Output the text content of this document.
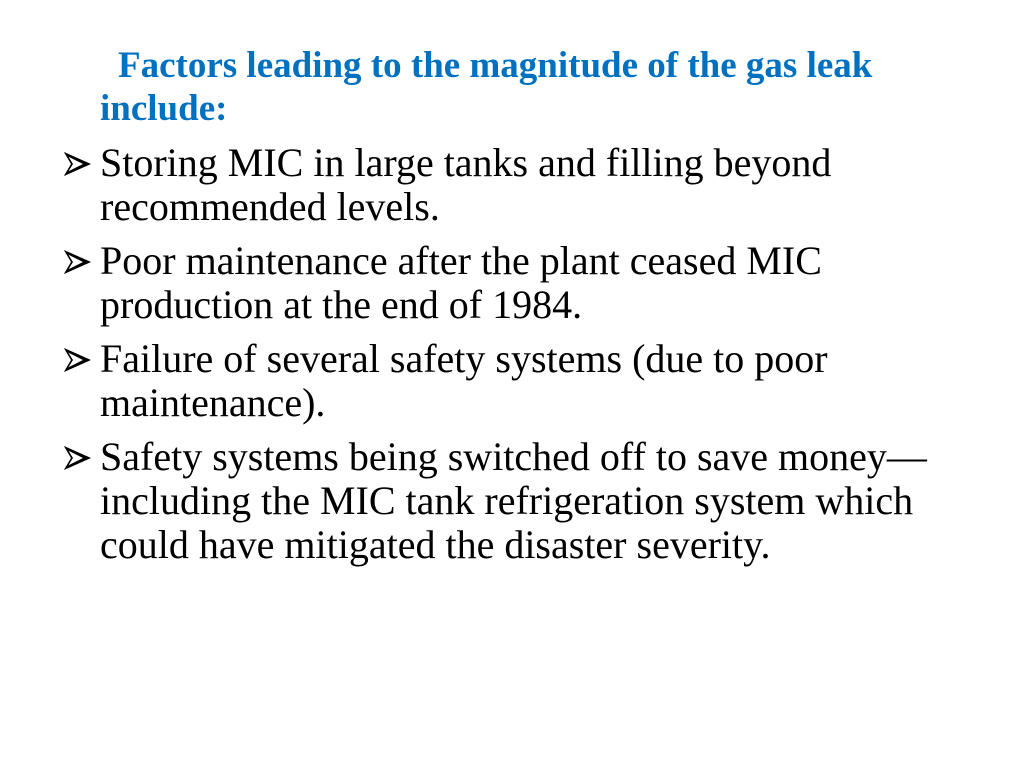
Factors leading to the magnitude of the gas leak include:
Storing MIC in large tanks and filling beyond recommended levels.
Poor maintenance after the plant ceased MIC production at the end of 1984.
Failure of several safety systems (due to poor maintenance).
Safety systems being switched off to save money—including the MIC tank refrigeration system which could have mitigated the disaster severity.
